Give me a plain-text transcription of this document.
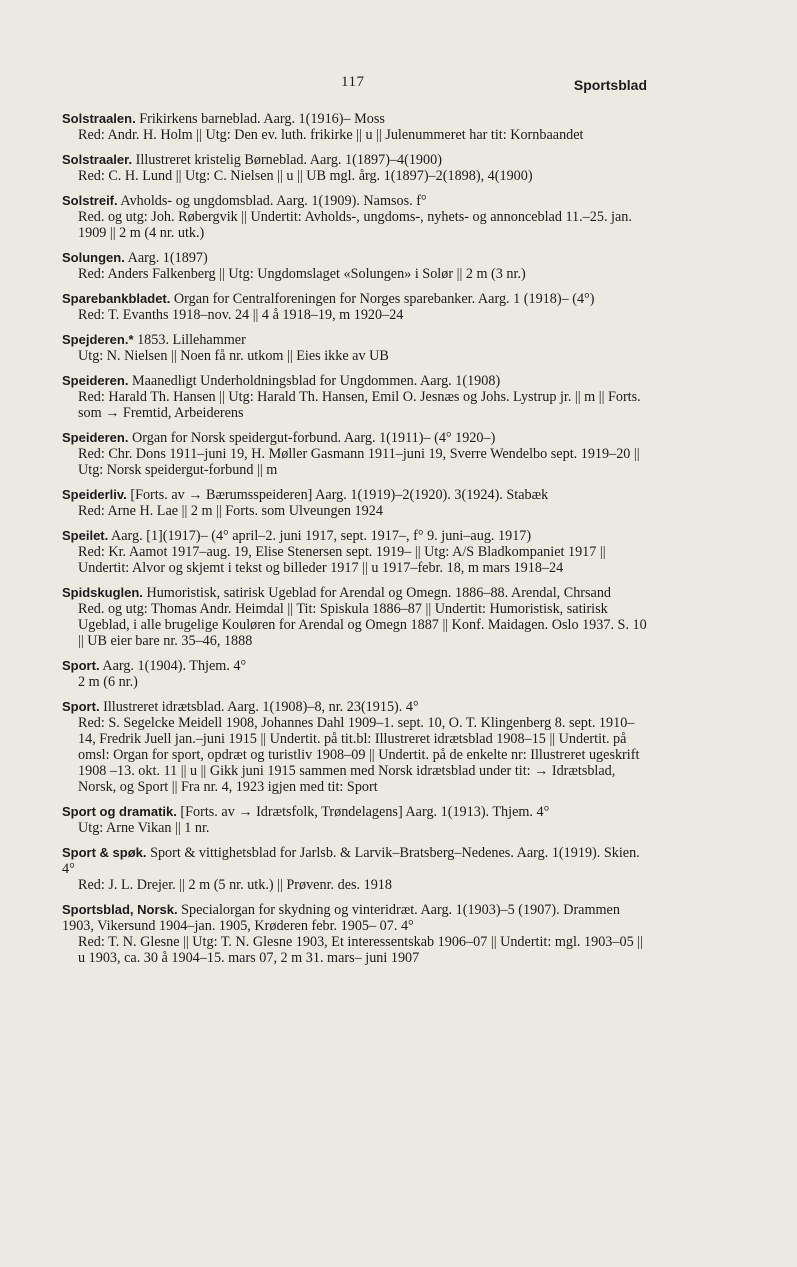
117	Sportsblad

Solstraalen. Frikirkens barneblad. Aarg. 1(1916)– Moss

Red: Andr. H. Holm || Utg: Den ev. luth. frikirke || u || Julenummeret har tit: Kornbaandet

Solstraaler. Illustreret kristelig Børneblad. Aarg. 1(1897)–4(1900)

Red: C. H. Lund || Utg: C. Nielsen || u || UB mgl. årg. 1(1897)–2(1898), 4(1900)

Solstreif. Avholds- og ungdomsblad. Aarg. 1(1909). Namsos. f°

Red. og utg: Joh. Røbergvik || Undertit: Avholds-, ungdoms-, nyhets- og annonceblad 11.–25. jan. 1909 || 2 m (4 nr. utk.)

Solungen. Aarg. 1(1897)

Red: Anders Falkenberg || Utg: Ungdomslaget «Solungen» i Solør || 2 m (3 nr.)

Sparebankbladet. Organ for Centralforeningen for Norges sparebanker. Aarg. 1 (1918)– (4°)

Red: T. Evanths 1918–nov. 24 || 4 å 1918–19, m 1920–24

Spejderen.* 1853. Lillehammer

Utg: N. Nielsen || Noen få nr. utkom || Eies ikke av UB

Speideren. Maanedligt Underholdningsblad for Ungdommen. Aarg. 1(1908)

Red: Harald Th. Hansen || Utg: Harald Th. Hansen, Emil O. Jesnæs og Johs. Lystrup jr. || m || Forts. som → Fremtid, Arbeiderens

Speideren. Organ for Norsk speidergut-forbund. Aarg. 1(1911)– (4° 1920–)

Red: Chr. Dons 1911–juni 19, H. Møller Gasmann 1911–juni 19, Sverre Wendelbo sept. 1919–20 || Utg: Norsk speidergut-forbund || m

Speiderliv. [Forts. av → Bærumsspeideren] Aarg. 1(1919)–2(1920). 3(1924). Stabæk

Red: Arne H. Lae || 2 m || Forts. som Ulveungen 1924

Speilet. Aarg. [1](1917)– (4° april–2. juni 1917, sept. 1917–, f° 9. juni–aug. 1917)

Red: Kr. Aamot 1917–aug. 19, Elise Stenersen sept. 1919– || Utg: A/S Bladkompaniet 1917 || Undertit: Alvor og skjemt i tekst og billeder 1917 || u 1917–febr. 18, m mars 1918–24

Spidskuglen. Humoristisk, satirisk Ugeblad for Arendal og Omegn. 1886–88. Arendal, Chrsand

Red. og utg: Thomas Andr. Heimdal || Tit: Spiskula 1886–87 || Undertit: Humoristisk, satirisk Ugeblad, i alle brugelige Kouløren for Arendal og Omegn 1887 || Konf. Maidagen. Oslo 1937. S. 10 || UB eier bare nr. 35–46, 1888

Sport. Aarg. 1(1904). Thjem. 4°

2 m (6 nr.)

Sport. Illustreret idrætsblad. Aarg. 1(1908)–8, nr. 23(1915). 4°

Red: S. Segelcke Meidell 1908, Johannes Dahl 1909–1. sept. 10, O. T. Klingenberg 8. sept. 1910–14, Fredrik Juell jan.–juni 1915 || Undertit. på tit.bl: Illustreret idrætsblad 1908–15 || Undertit. på omsl: Organ for sport, opdræt og turistliv 1908–09 || Undertit. på de enkelte nr: Illustreret ugeskrift 1908 –13. okt. 11 || u || Gikk juni 1915 sammen med Norsk idrætsblad under tit: → Idrætsblad, Norsk, og Sport || Fra nr. 4, 1923 igjen med tit: Sport

Sport og dramatik. [Forts. av → Idrætsfolk, Trøndelagens] Aarg. 1(1913). Thjem. 4°

Utg: Arne Vikan || 1 nr.

Sport & spøk. Sport & vittighetsblad for Jarlsb. & Larvik–Bratsberg–Nedenes. Aarg. 1(1919). Skien. 4°

Red: J. L. Drejer. || 2 m (5 nr. utk.) || Prøvenr. des. 1918

Sportsblad, Norsk. Specialorgan for skydning og vinteridræt. Aarg. 1(1903)–5 (1907). Drammen 1903, Vikersund 1904–jan. 1905, Krøderen febr. 1905– 07. 4°

Red: T. N. Glesne || Utg: T. N. Glesne 1903, Et interessentskab 1906–07 || Undertit: mgl. 1903–05 || u 1903, ca. 30 å 1904–15. mars 07, 2 m 31. mars– juni 1907
